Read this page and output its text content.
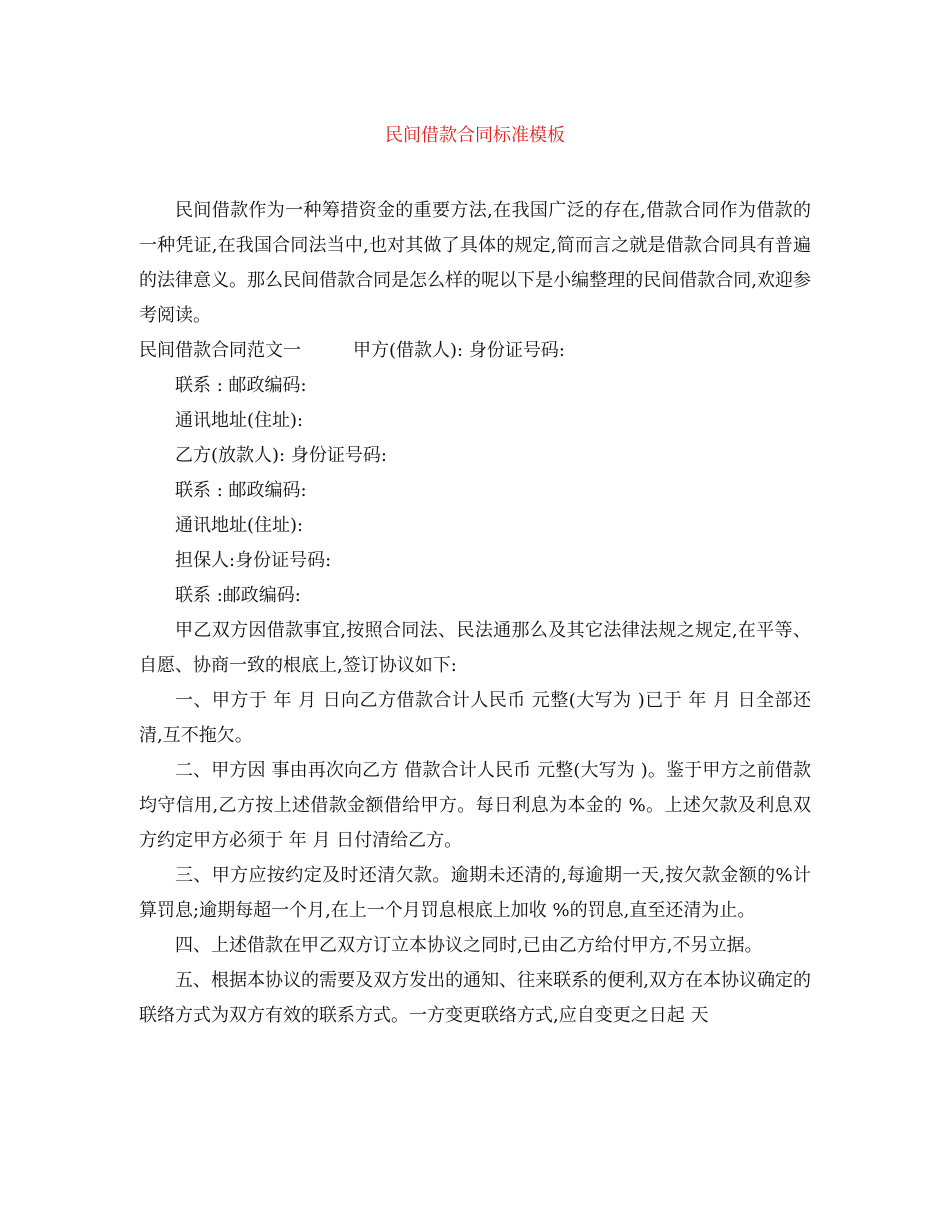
民间借款合同标准模板

民间借款作为一种筹措资金的重要方法,在我国广泛的存在,借款合同作为借款的一种凭证,在我国合同法当中,也对其做了具体的规定,简而言之就是借款合同具有普遍的法律意义。那么民间借款合同是怎么样的呢以下是小编整理的民间借款合同,欢迎参考阅读。

民间借款合同范文一	甲方(借款人): 身份证号码:

联系 : 邮政编码:

通讯地址(住址):

乙方(放款人): 身份证号码:

联系 : 邮政编码:

通讯地址(住址):

担保人:身份证号码:

联系 :邮政编码:

甲乙双方因借款事宜,按照合同法、民法通那么及其它法律法规之规定,在平等、自愿、协商一致的根底上,签订协议如下:

一、甲方于 年 月 日向乙方借款合计人民币 元整(大写为 )已于 年 月 日全部还清,互不拖欠。

二、甲方因 事由再次向乙方 借款合计人民币 元整(大写为 )。鉴于甲方之前借款均守信用,乙方按上述借款金额借给甲方。每日利息为本金的 %。上述欠款及利息双方约定甲方必须于 年 月 日付清给乙方。

三、甲方应按约定及时还清欠款。逾期未还清的,每逾期一天,按欠款金额的%计算罚息;逾期每超一个月,在上一个月罚息根底上加收 %的罚息,直至还清为止。

四、上述借款在甲乙双方订立本协议之同时,已由乙方给付甲方,不另立据。

五、根据本协议的需要及双方发出的通知、往来联系的便利,双方在本协议确定的联络方式为双方有效的联系方式。一方变更联络方式,应自变更之日起 天
